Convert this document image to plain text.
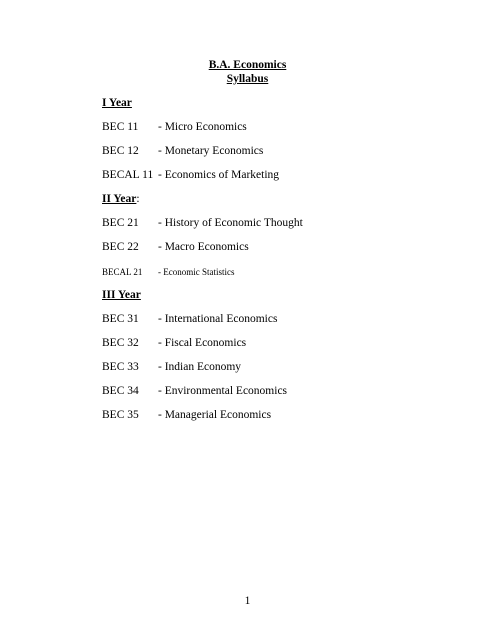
B.A. Economics
Syllabus
I Year
BEC 11 - Micro Economics
BEC 12 - Monetary Economics
BECAL 11 - Economics of Marketing
II Year:
BEC 21 - History of Economic Thought
BEC 22 - Macro Economics
BECAL 21 - Economic Statistics
III Year
BEC 31 - International Economics
BEC 32 - Fiscal Economics
BEC 33 - Indian Economy
BEC 34 - Environmental Economics
BEC 35 - Managerial Economics
1
